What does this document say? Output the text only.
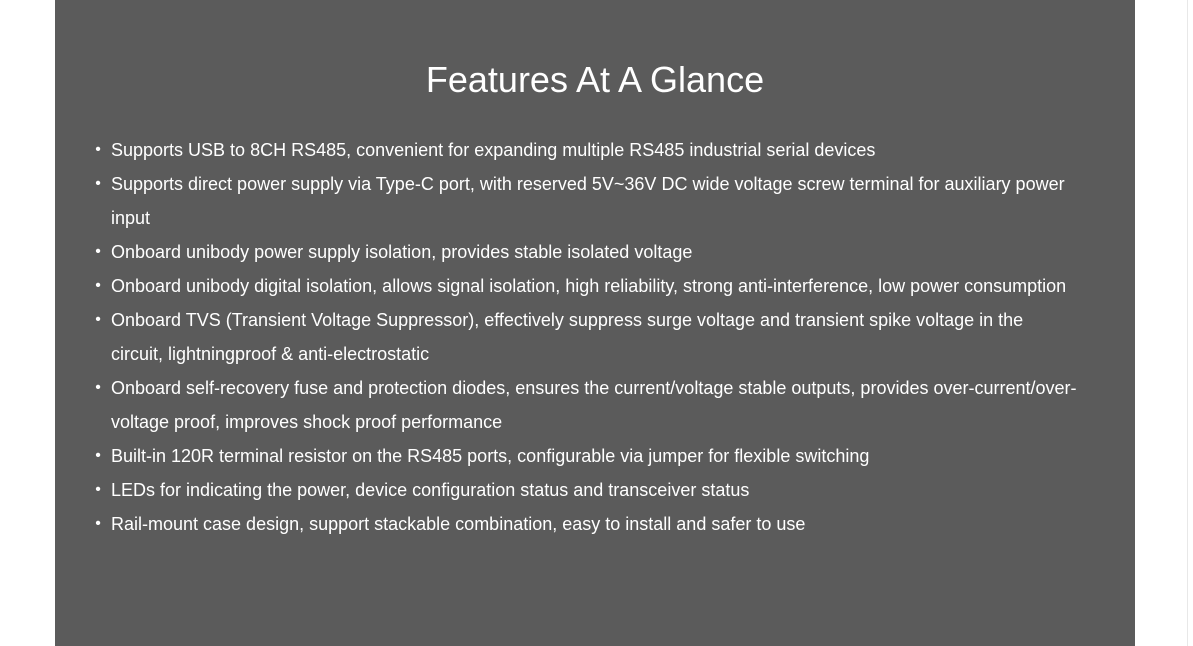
Features At A Glance
• Supports USB to 8CH RS485, convenient for expanding multiple RS485 industrial serial devices
• Supports direct power supply via Type-C port, with reserved 5V~36V DC wide voltage screw terminal for auxiliary power input
• Onboard unibody power supply isolation, provides stable isolated voltage
• Onboard unibody digital isolation, allows signal isolation, high reliability, strong anti-interference, low power consumption
• Onboard TVS (Transient Voltage Suppressor), effectively suppress surge voltage and transient spike voltage in the circuit, lightningproof & anti-electrostatic
• Onboard self-recovery fuse and protection diodes, ensures the current/voltage stable outputs, provides over-current/over-voltage proof, improves shock proof performance
• Built-in 120R terminal resistor on the RS485 ports, configurable via jumper for flexible switching
• LEDs for indicating the power, device configuration status and transceiver status
• Rail-mount case design, support stackable combination, easy to install and safer to use
